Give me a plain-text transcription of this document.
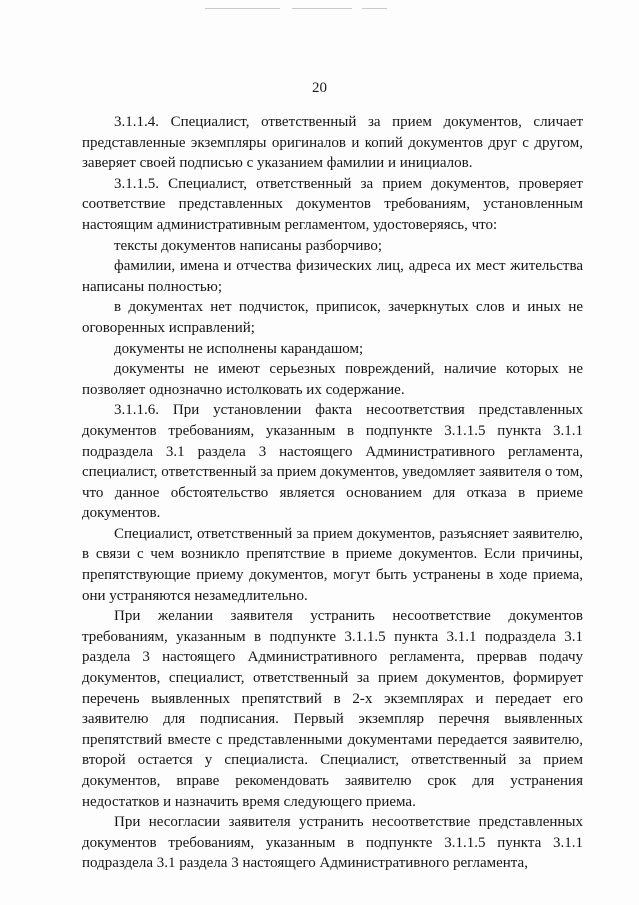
20

3.1.1.4. Специалист, ответственный за прием документов, сличает представленные экземпляры оригиналов и копий документов друг с другом, заверяет своей подписью с указанием фамилии и инициалов.

3.1.1.5. Специалист, ответственный за прием документов, проверяет соответствие представленных документов требованиям, установленным настоящим административным регламентом, удостоверяясь, что:

тексты документов написаны разборчиво;

фамилии, имена и отчества физических лиц, адреса их мест жительства написаны полностью;

в документах нет подчисток, приписок, зачеркнутых слов и иных не оговоренных исправлений;

документы не исполнены карандашом;

документы не имеют серьезных повреждений, наличие которых не позволяет однозначно истолковать их содержание.

3.1.1.6. При установлении факта несоответствия представленных документов требованиям, указанным в подпункте 3.1.1.5 пункта 3.1.1 подраздела 3.1 раздела 3 настоящего Административного регламента, специалист, ответственный за прием документов, уведомляет заявителя о том, что данное обстоятельство является основанием для отказа в приеме документов.

Специалист, ответственный за прием документов, разъясняет заявителю, в связи с чем возникло препятствие в приеме документов. Если причины, препятствующие приему документов, могут быть устранены в ходе приема, они устраняются незамедлительно.

При желании заявителя устранить несоответствие документов требованиям, указанным в подпункте 3.1.1.5 пункта 3.1.1 подраздела 3.1 раздела 3 настоящего Административного регламента, прервав подачу документов, специалист, ответственный за прием документов, формирует перечень выявленных препятствий в 2-х экземплярах и передает его заявителю для подписания. Первый экземпляр перечня выявленных препятствий вместе с представленными документами передается заявителю, второй остается у специалиста. Специалист, ответственный за прием документов, вправе рекомендовать заявителю срок для устранения недостатков и назначить время следующего приема.

При несогласии заявителя устранить несоответствие представленных документов требованиям, указанным в подпункте 3.1.1.5 пункта 3.1.1 подраздела 3.1 раздела 3 настоящего Административного регламента,
